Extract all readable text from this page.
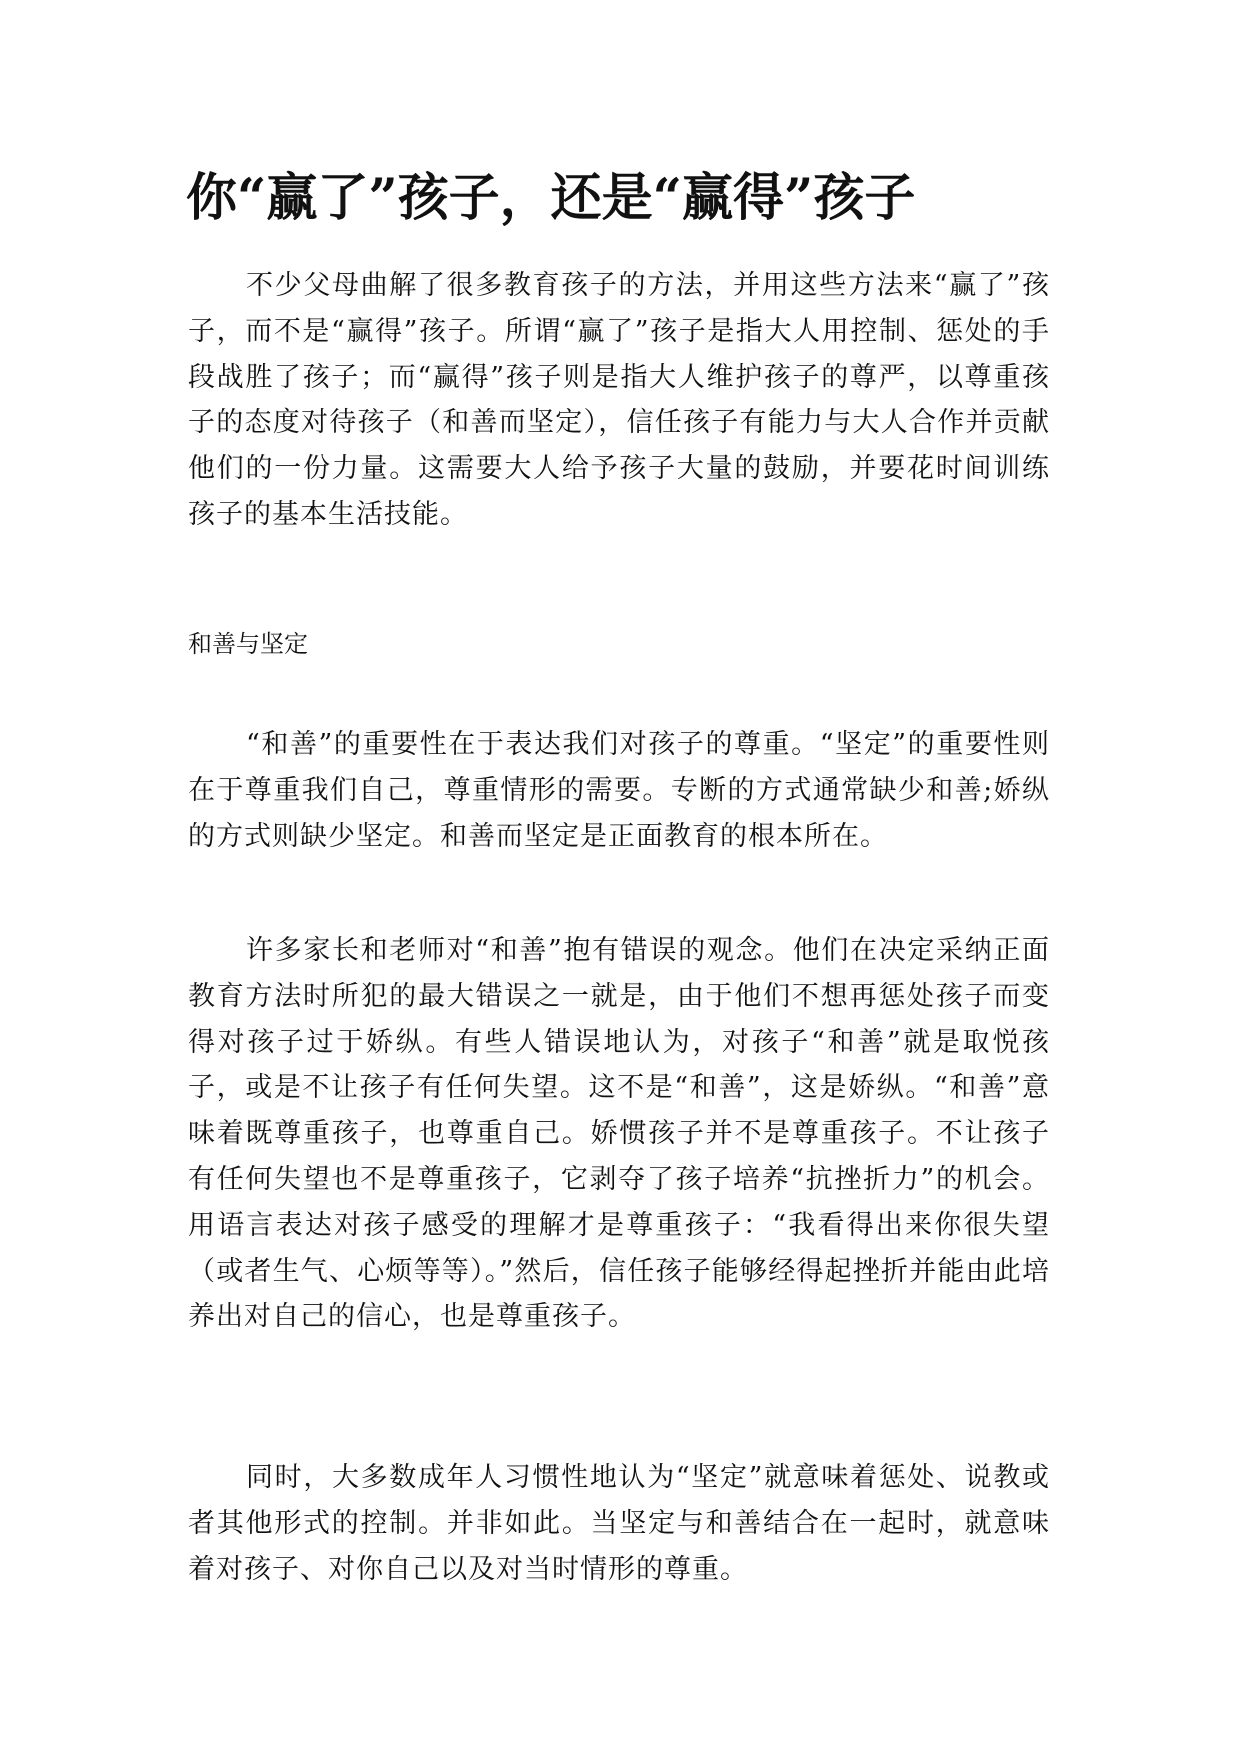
你“赢了”孩子，还是“赢得”孩子

不少父母曲解了很多教育孩子的方法，并用这些方法来“赢了”孩子，而不是“赢得”孩子。所谓“赢了”孩子是指大人用控制、惩处的手段战胜了孩子；而“赢得”孩子则是指大人维护孩子的尊严，以尊重孩子的态度对待孩子（和善而坚定），信任孩子有能力与大人合作并贡献他们的一份力量。这需要大人给予孩子大量的鼓励，并要花时间训练孩子的基本生活技能。

和善与坚定

“和善”的重要性在于表达我们对孩子的尊重。“坚定”的重要性则在于尊重我们自己，尊重情形的需要。专断的方式通常缺少和善;娇纵的方式则缺少坚定。和善而坚定是正面教育的根本所在。

许多家长和老师对“和善”抱有错误的观念。他们在决定采纳正面教育方法时所犯的最大错误之一就是，由于他们不想再惩处孩子而变得对孩子过于娇纵。有些人错误地认为，对孩子“和善”就是取悦孩子，或是不让孩子有任何失望。这不是“和善”，这是娇纵。“和善”意味着既尊重孩子，也尊重自己。娇惯孩子并不是尊重孩子。不让孩子有任何失望也不是尊重孩子，它剥夺了孩子培养“抗挫折力”的机会。用语言表达对孩子感受的理解才是尊重孩子：“我看得出来你很失望（或者生气、心烦等等）。”然后，信任孩子能够经得起挫折并能由此培养出对自己的信心，也是尊重孩子。

同时，大多数成年人习惯性地认为“坚定”就意味着惩处、说教或者其他形式的控制。并非如此。当坚定与和善结合在一起时，就意味着对孩子、对你自己以及对当时情形的尊重。
